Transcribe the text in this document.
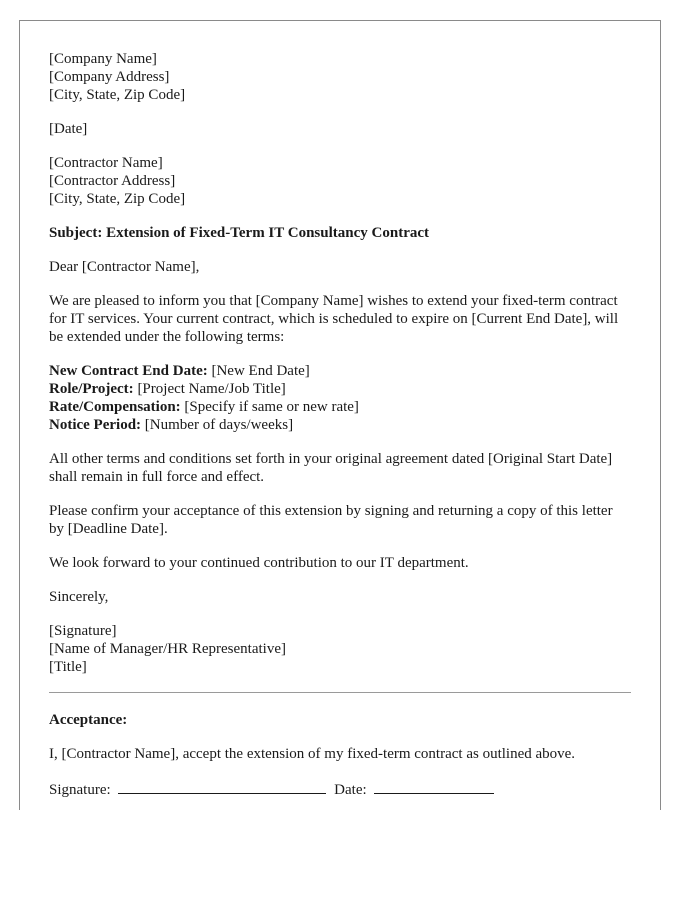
[Company Name]
[Company Address]
[City, State, Zip Code]
[Date]
[Contractor Name]
[Contractor Address]
[City, State, Zip Code]
Subject: Extension of Fixed-Term IT Consultancy Contract
Dear [Contractor Name],

We are pleased to inform you that [Company Name] wishes to extend your fixed-term contract for IT services. Your current contract, which is scheduled to expire on [Current End Date], will be extended under the following terms:

New Contract End Date: [New End Date]
Role/Project: [Project Name/Job Title]
Rate/Compensation: [Specify if same or new rate]
Notice Period: [Number of days/weeks]

All other terms and conditions set forth in your original agreement dated [Original Start Date] shall remain in full force and effect.

Please confirm your acceptance of this extension by signing and returning a copy of this letter by [Deadline Date].

We look forward to your continued contribution to our IT department.

Sincerely,
[Signature]
[Name of Manager/HR Representative]
[Title]
Acceptance:

I, [Contractor Name], accept the extension of my fixed-term contract as outlined above.

Signature:	Date:
